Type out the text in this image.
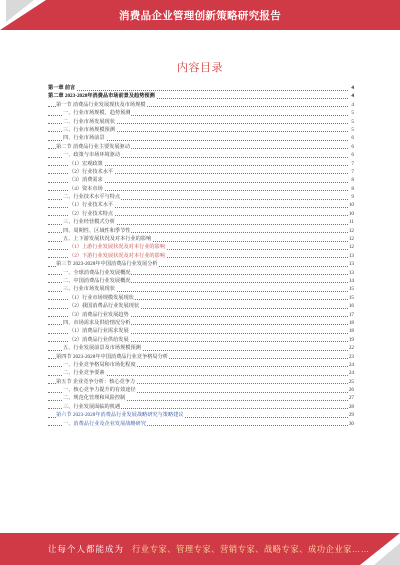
消费品企业管理创新策略研究报告
内容目录
第一章 前言	4
第二章 2023-2028年消费品市场前景及趋势预测	4
第一节 消费品行业发展现状及市场规模	4
一、行业市场规模、趋势预测	5
二、行业市场发展现状	5
三、行业市场规模预测	5
四、行业市场前景	6
第二节 消费品行业主要发展驱动	6
一、政策与市场环境驱动	6
（1）宏观政策	7
（2）行业技术水平	7
（3）消费需求	8
（4）资本市场	8
二、行业技术水平与特点	9
（1）行业技术水平	10
（2）行业技术特点	10
三、行业经营模式分析	11
四、周期性、区域性和季节性	12
五、上下游发展状况及对本行业的影响	12
（1）上游行业发展状况及对本行业的影响	12
（2）下游行业发展状况及对本行业的影响	13
第三节 2023-2028年中国消费品行业发展分析	13
一、全球消费品行业发展概况	13
二、中国消费品行业发展概况	14
三、行业市场发展现状	15
（1）行业市场规模发展现状	15
（2）我国消费品行业发展现状	16
（3）消费品行业发展趋势	17
四、市场需求及供给情况分析	18
（1）消费品行业需求发展	18
（2）消费品行业供给发展	19
五、行业发展前景及市场规模预测	22
第四节 2023-2028年中国消费品行业竞争格局分析	23
一、行业竞争格局和市场化程度	24
二、行业竞争要素	24
第五节 企业竞争分析：核心竞争力	25
一、核心竞争力提升的有效途径	26
二、规范化管理和风险控制	27
三、行业发展面临的机遇	28
第六节 2023-2028年消费品行业发展战略研究与策略建议	29
一、消费品行业及企业发展战略研究	30
让每个人都能成为 行业专家、管理专家、营销专家、战略专家、成功企业家……
